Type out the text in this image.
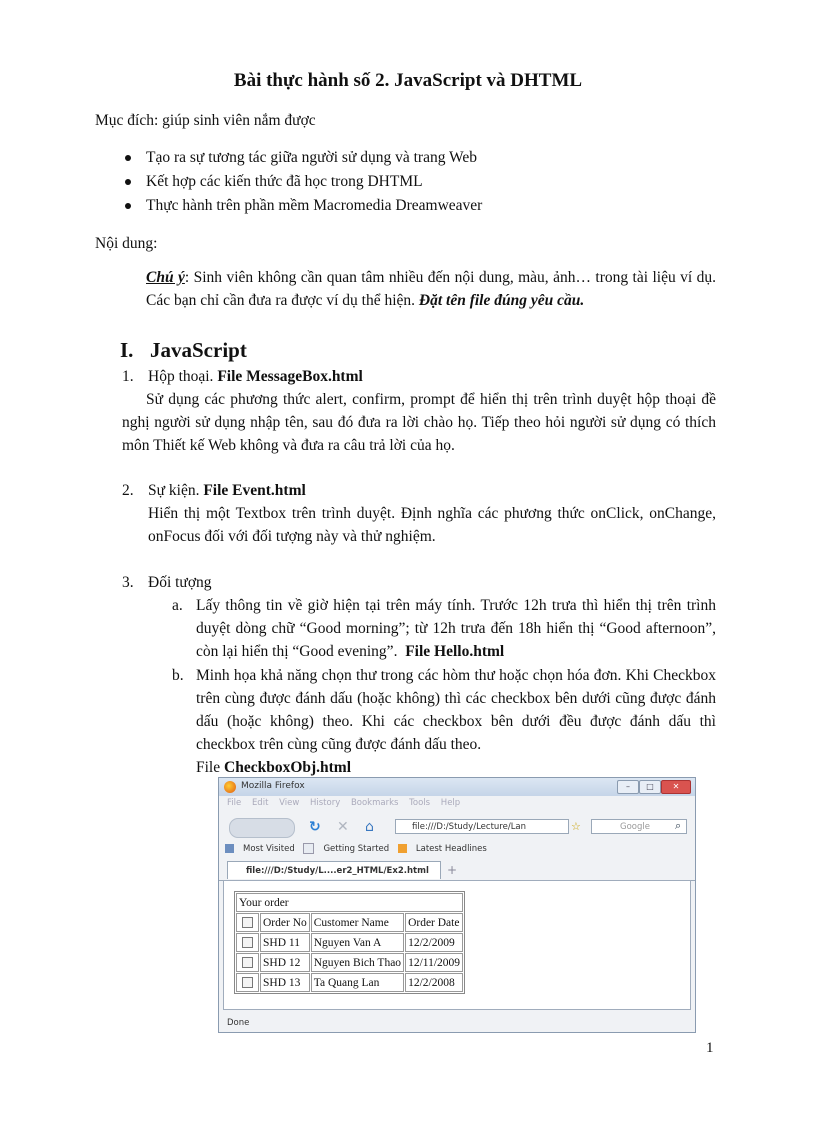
Bài thực hành số 2. JavaScript và DHTML
Mục đích: giúp sinh viên nắm được
Tạo ra sự tương tác giữa người sử dụng và trang Web
Kết hợp các kiến thức đã học trong DHTML
Thực hành trên phần mềm Macromedia Dreamweaver
Nội dung:
Chú ý: Sinh viên không cần quan tâm nhiều đến nội dung, màu, ảnh… trong tài liệu ví dụ. Các bạn chỉ cần đưa ra được ví dụ thể hiện. Đặt tên file đúng yêu cầu.
I. JavaScript
1. Hộp thoại. File MessageBox.html
Sử dụng các phương thức alert, confirm, prompt để hiển thị trên trình duyệt hộp thoại đề nghị người sử dụng nhập tên, sau đó đưa ra lời chào họ. Tiếp theo hỏi người sử dụng có thích môn Thiết kế Web không và đưa ra câu trả lời của họ.
2. Sự kiện. File Event.html
Hiển thị một Textbox trên trình duyệt. Định nghĩa các phương thức onClick, onChange, onFocus đối với đối tượng này và thử nghiệm.
3. Đối tượng
a. Lấy thông tin về giờ hiện tại trên máy tính. Trước 12h trưa thì hiển thị trên trình duyệt dòng chữ “Good morning”; từ 12h trưa đến 18h hiển thị “Good afternoon”, còn lại hiển thị “Good evening”. File Hello.html
b. Minh họa khả năng chọn thư trong các hòm thư hoặc chọn hóa đơn. Khi Checkbox trên cùng được đánh dấu (hoặc không) thì các checkbox bên dưới cũng được đánh dấu (hoặc không) theo. Khi các checkbox bên dưới đều được đánh dấu thì checkbox trên cùng cũng được đánh dấu theo.
File CheckboxObj.html
Mozilla Firefox	–	□	✕
File Edit View History Bookmarks Tools Help
↻ ✕ ⌂	file:///D:/Study/Lecture/Lan	☆	Google	⌕
Most Visited	Getting Started	Latest Headlines
file:///D:/Study/L....er2_HTML/Ex2.html	+
Your order			
	Order No	Customer Name	Order Date
	SHD 11	Nguyen Van A	12/2/2009
	SHD 12	Nguyen Bich Thao	12/11/2009
	SHD 13	Ta Quang Lan	12/2/2008
Done
1
